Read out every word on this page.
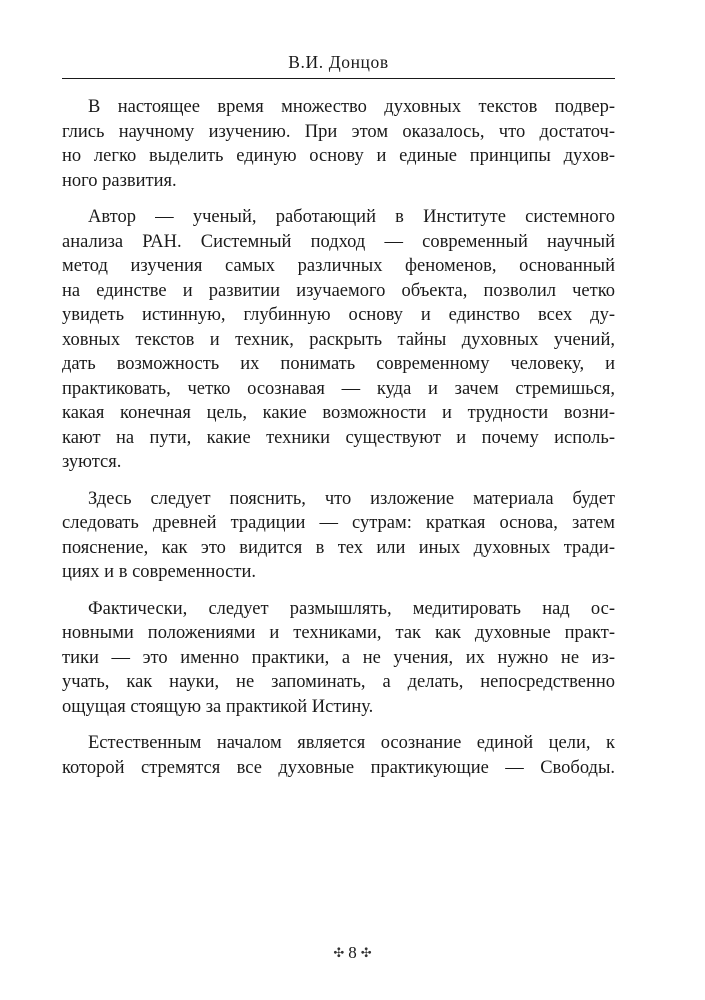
В.И. Донцов

В настоящее время множество духовных текстов подвер-
глись научному изучению. При этом оказалось, что достаточ-
но легко выделить единую основу и единые принципы духов-
ного развития.

Автор — ученый, работающий в Институте системного
анализа РАН. Системный подход — современный научный
метод изучения самых различных феноменов, основанный
на единстве и развитии изучаемого объекта, позволил четко
увидеть истинную, глубинную основу и единство всех ду-
ховных текстов и техник, раскрыть тайны духовных учений,
дать возможность их понимать современному человеку, и
практиковать, четко осознавая — куда и зачем стремишься,
какая конечная цель, какие возможности и трудности возни-
кают на пути, какие техники существуют и почему исполь-
зуются.

Здесь следует пояснить, что изложение материала будет
следовать древней традиции — сутрам: краткая основа, затем
пояснение, как это видится в тех или иных духовных тради-
циях и в современности.

Фактически, следует размышлять, медитировать над ос-
новными положениями и техниками, так как духовные практ-
тики — это именно практики, а не учения, их нужно не из-
учать, как науки, не запоминать, а делать, непосредственно
ощущая стоящую за практикой Истину.

Естественным началом является осознание единой цели, к
которой стремятся все духовные практикующие — Свободы.

✣ 8 ✣
